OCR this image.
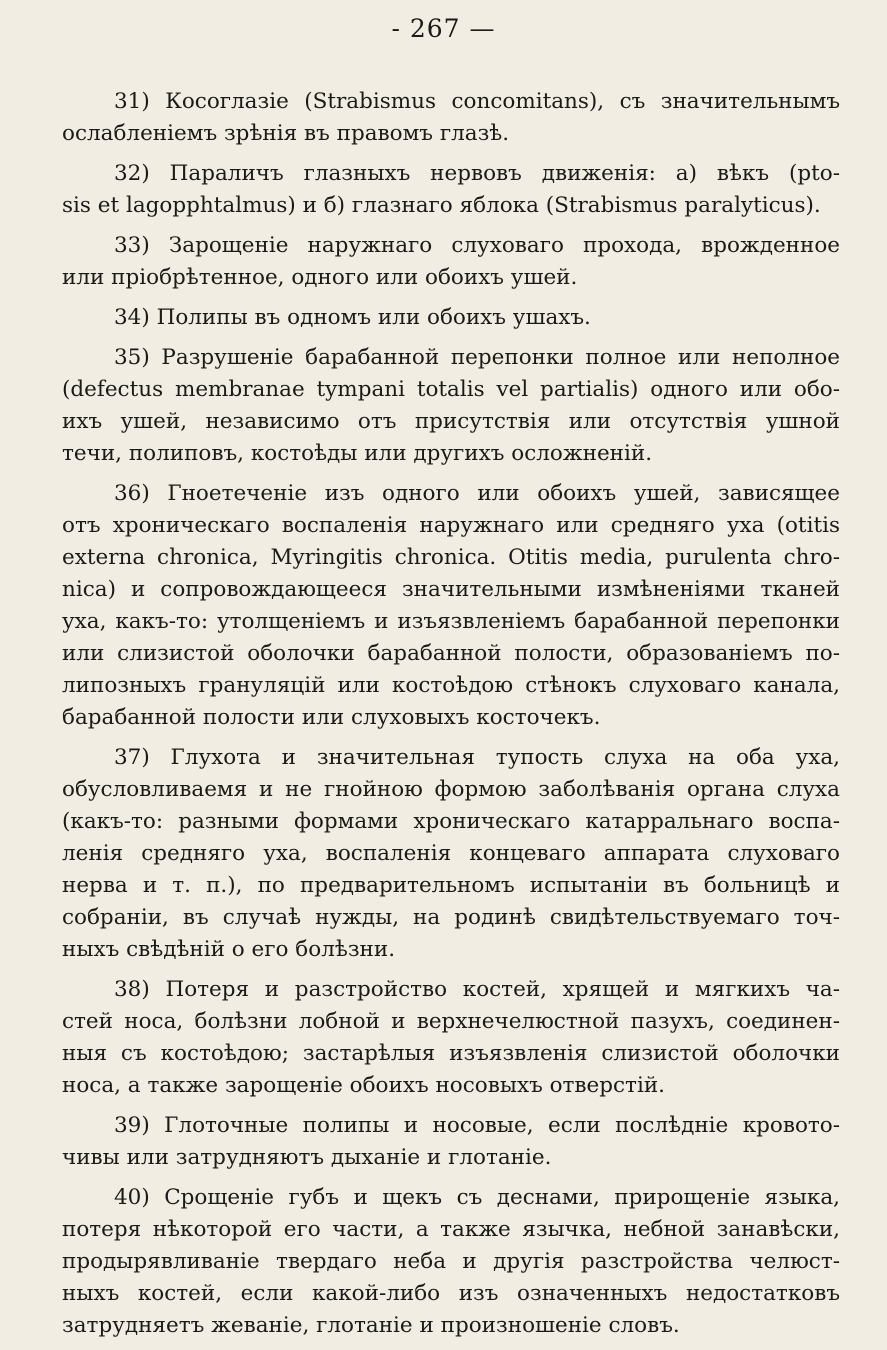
- 267 —
31) Косоглазіе (Strabismus concomitans), съ значительнымъ
ослабленіемъ зрѣнія въ правомъ глазѣ.
32) Параличъ глазныхъ нервовъ движенія: а) вѣкъ (ptо-
sis et lagopphtalmus) и б) глазнаго яблока (Strabismus paralyticus).
33) Зарощеніе наружнаго слуховаго прохода, врожденное
или пріобрѣтенное, одного или обоихъ ушей.
34) Полипы въ одномъ или обоихъ ушахъ.
35) Разрушеніе барабанной перепонки полное или неполное
(defectus membranae tympani totalis vel partialis) одного или обо-
ихъ ушей, независимо отъ присутствія или отсутствія ушной
течи, полиповъ, костоѣды или другихъ осложненій.
36) Гноетеченіе изъ одного или обоихъ ушей, зависящее
отъ хроническаго воспаленія наружнаго или средняго уха (otitis
externa chronica, Myringitis chronica. Otitis media, purulenta chro-
nica) и сопровождающееся значительными измѣненіями тканей
уха, какъ-то: утолщеніемъ и изъязвленіемъ барабанной перепонки
или слизистой оболочки барабанной полости, образованіемъ по-
липозныхъ грануляцій или костоѣдою стѣнокъ слуховаго канала,
барабанной полости или слуховыхъ косточекъ.
37) Глухота и значительная тупость слуха на оба уха,
обусловливаемя и не гнойною формою заболѣванія органа слуха
(какъ-то: разными формами хроническаго катарральнаго воспа-
ленія средняго уха, воспаленія концеваго аппарата слуховаго
нерва и т. п.), по предварительномъ испытаніи въ больницѣ и
собраніи, въ случаѣ нужды, на родинѣ свидѣтельствуемаго точ-
ныхъ свѣдѣній о его болѣзни.
38) Потеря и разстройство костей, хрящей и мягкихъ ча-
стей носа, болѣзни лобной и верхнечелюстной пазухъ, соединен-
ныя съ костоѣдою; застарѣлыя изъязвленія слизистой оболочки
носа, а также зарощеніе обоихъ носовыхъ отверстій.
39) Глоточные полипы и носовые, если послѣдніе кровото-
чивы или затрудняютъ дыханіе и глотаніе.
40) Срощеніе губъ и щекъ съ деснами, прирощеніе языка,
потеря нѣкоторой его части, а также язычка, небной занавѣски,
продырявливаніе твердаго неба и другія разстройства челюст-
ныхъ костей, если какой-либо изъ означенныхъ недостатковъ
затрудняетъ жеваніе, глотаніе и произношеніе словъ.
